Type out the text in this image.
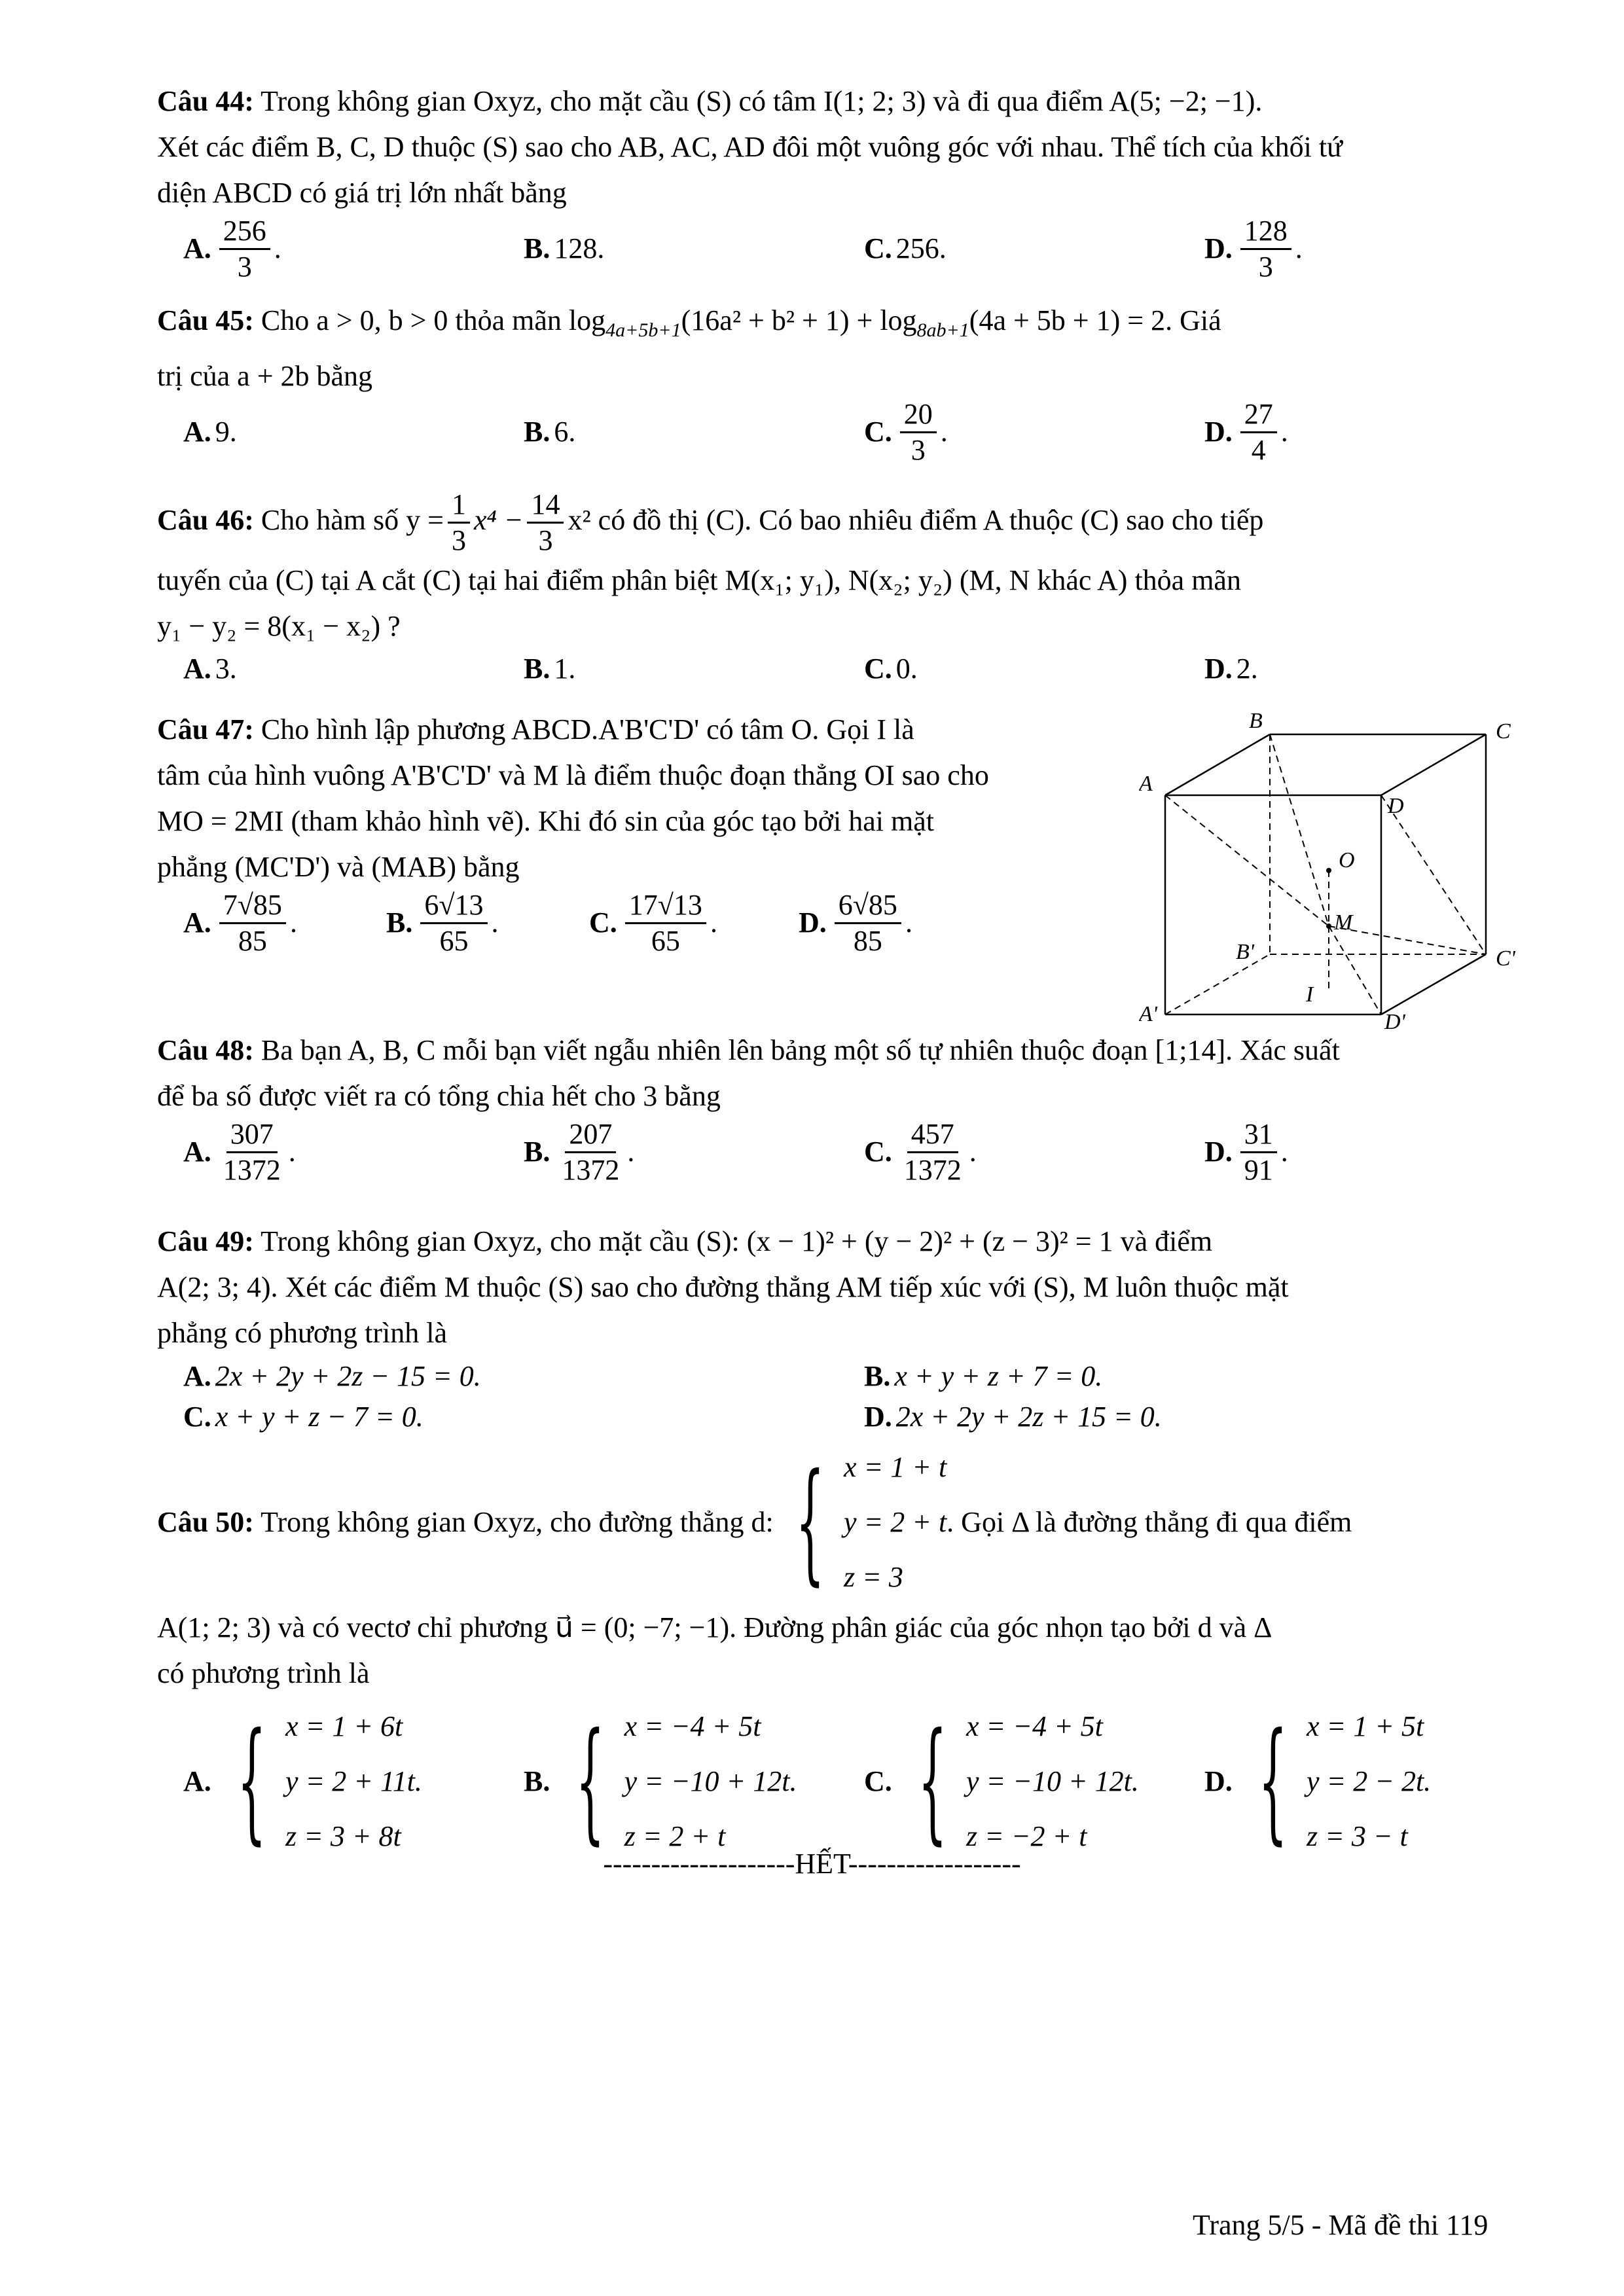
Câu 44: Trong không gian Oxyz, cho mặt cầu (S) có tâm I(1; 2; 3) và đi qua điểm A(5; −2; −1).

Xét các điểm B, C, D thuộc (S) sao cho AB, AC, AD đôi một vuông góc với nhau. Thể tích của khối tứ

diện ABCD có giá trị lớn nhất bằng

A. $\frac{256}{3}$ .	B. 128.	C. 256.	D. $\frac{128}{3}$ .

Câu 45: Cho a > 0, b > 0 thỏa mãn $\log_{4a+5b+1}(16a^2 + b^2 + 1) + \log_{8ab+1}(4a + 5b + 1) = 2$. Giá

trị của a + 2b bằng

A. 9.	B. 6.	C. $\frac{20}{3}$ .	D. $\frac{27}{4}$ .

Câu 46: Cho hàm số $y = \frac{1}{3} x^4 - \frac{14}{3} x^2$ có đồ thị (C). Có bao nhiêu điểm A thuộc (C) sao cho tiếp

tuyến của (C) tại A cắt (C) tại hai điểm phân biệt M(x₁; y₁), N(x₂; y₂) (M, N khác A) thỏa mãn

y₁ − y₂ = 8(x₁ − x₂) ?

A. 3.	B. 1.	C. 0.	D. 2.

Câu 47: Cho hình lập phương ABCD.A'B'C'D' có tâm O. Gọi I là

tâm của hình vuông A'B'C'D' và M là điểm thuộc đoạn thẳng OI sao cho

MO = 2MI (tham khảo hình vẽ). Khi đó sin của góc tạo bởi hai mặt

phẳng (MC'D') và (MAB) bằng

A. $\frac{7√85}{85}$ .	B. $\frac{6√13}{65}$ .	C. $\frac{17√13}{65}$ .	D. $\frac{6√85}{85}$ .
B	C
A
D
O
M
B'	C'
I
A'	D'

Câu 48: Ba bạn A, B, C mỗi bạn viết ngẫu nhiên lên bảng một số tự nhiên thuộc đoạn [1;14]. Xác suất

để ba số được viết ra có tổng chia hết cho 3 bằng

A. $\frac{307}{1372}$ .	B. $\frac{207}{1372}$ .	C. $\frac{457}{1372}$ .	D. $\frac{31}{91}$ .

Câu 49: Trong không gian Oxyz, cho mặt cầu (S): (x − 1)² + (y − 2)² + (z − 3)² = 1 và điểm

A(2; 3; 4). Xét các điểm M thuộc (S) sao cho đường thẳng AM tiếp xúc với (S), M luôn thuộc mặt

phẳng có phương trình là

A. 2x + 2y + 2z − 15 = 0.	B. x + y + z + 7 = 0.
C. x + y + z − 7 = 0.	D. 2x + 2y + 2z + 15 = 0.

Câu 50: Trong không gian Oxyz, cho đường thẳng d: { x = 1 + t
y = 2 + t
z = 3
. Gọi Δ là đường thẳng đi qua điểm

A(1; 2; 3) và có vectơ chỉ phương u⃗ = (0; −7; −1). Đường phân giác của góc nhọn tạo bởi d và Δ

có phương trình là

A. { x = 1 + 6t
y = 2 + 11t.
z = 3 + 8t
B. { x = −4 + 5t
y = −10 + 12t.
z = 2 + t
C. { x = −4 + 5t
y = −10 + 12t.
z = −2 + t
D. { x = 1 + 5t
y = 2 − 2t.
z = 3 − t
--------------------HẾT------------------
Trang 5/5 - Mã đề thi 119
